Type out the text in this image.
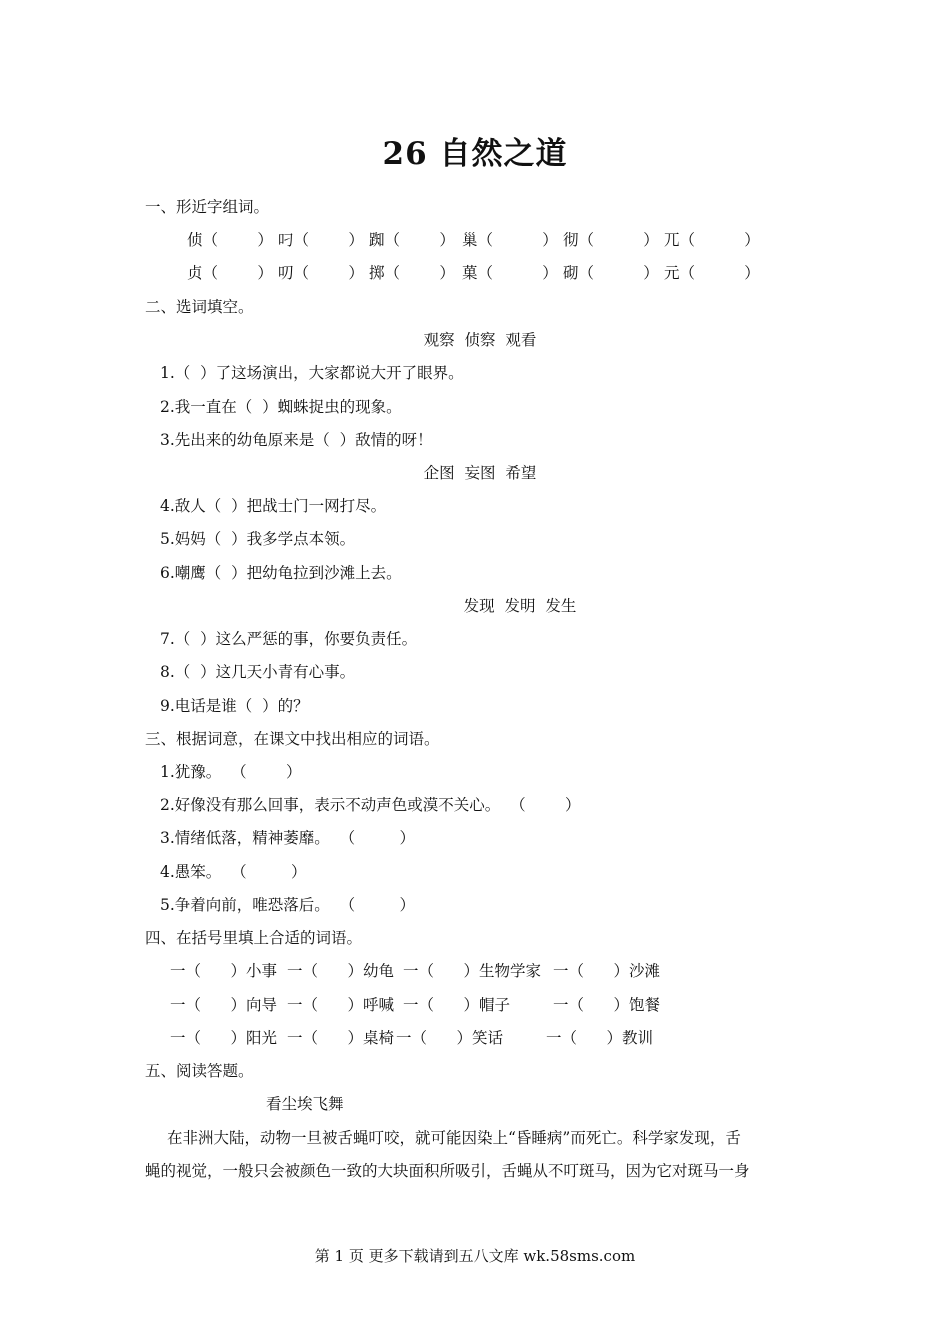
26 自然之道
一、形近字组词。
侦（        ） 叼（        ） 踟（        ） 巢（          ） 彻（          ） 兀（          ）
贞（        ） 叨（        ） 掷（        ） 菓（          ） 砌（          ） 元（          ）
二、选词填空。
观察  侦察  观看
1.（  ）了这场演出，大家都说大开了眼界。
2.我一直在（  ）蜘蛛捉虫的现象。
3.先出来的幼龟原来是（  ）敌情的呀！
企图  妄图  希望
4.敌人（  ）把战士门一网打尽。
5.妈妈（  ）我多学点本领。
6.嘲鹰（  ）把幼龟拉到沙滩上去。
发现  发明  发生
7.（  ）这么严惩的事，你要负责任。
8.（  ）这几天小青有心事。
9.电话是谁（  ）的？
三、根据词意，在课文中找出相应的词语。
1.犹豫。  （        ）
2.好像没有那么回事，表示不动声色或漠不关心。  （        ）
3.情绪低落，精神萎靡。  （         ）
4.愚笨。  （         ）
5.争着向前，唯恐落后。  （         ）
四、在括号里填上合适的词语。
一（      ）小事 一（      ）幼龟 一（      ）生物学家 一（      ）沙滩
一（      ）向导 一（      ）呼喊 一（      ）帽子	一（      ）饱餐
一（      ）阳光 一（      ）桌椅 一（      ）笑话	一（      ）教训
五、阅读答题。
看尘埃飞舞
在非洲大陆，动物一旦被舌蝇叮咬，就可能因染上“昏睡病”而死亡。科学家发现，舌
蝇的视觉，一般只会被颜色一致的大块面积所吸引，舌蝇从不叮斑马，因为它对斑马一身
第 1 页 更多下载请到五八文库 wk.58sms.com
